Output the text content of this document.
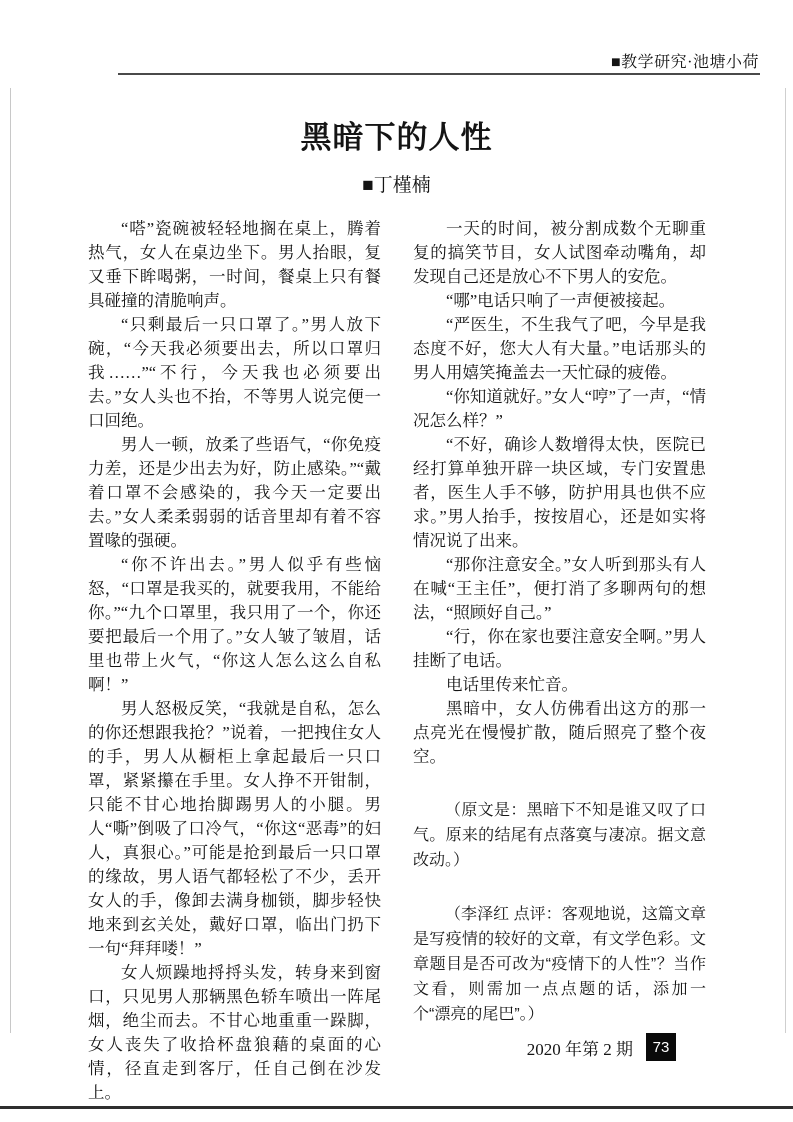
■教学研究·池塘小荷
黑暗下的人性
■丁槿楠

“嗒”瓷碗被轻轻地搁在桌上，腾着热气，女人在桌边坐下。男人抬眼，复又垂下眸喝粥，一时间，餐桌上只有餐具碰撞的清脆响声。

“只剩最后一只口罩了。”男人放下碗，“今天我必须要出去，所以口罩归我……”“不行，今天我也必须要出去。”女人头也不抬，不等男人说完便一口回绝。

男人一顿，放柔了些语气，“你免疫力差，还是少出去为好，防止感染。”“戴着口罩不会感染的，我今天一定要出去。”女人柔柔弱弱的话音里却有着不容置喙的强硬。

“你不许出去。”男人似乎有些恼怒，“口罩是我买的，就要我用，不能给你。”“九个口罩里，我只用了一个，你还要把最后一个用了。”女人皱了皱眉，话里也带上火气，“你这人怎么这么自私啊！”

男人怒极反笑，“我就是自私，怎么的你还想跟我抢？”说着，一把拽住女人的手，男人从橱柜上拿起最后一只口罩，紧紧攥在手里。女人挣不开钳制，只能不甘心地抬脚踢男人的小腿。男人“嘶”倒吸了口冷气，“你这“恶毒”的妇人，真狠心。”可能是抢到最后一只口罩的缘故，男人语气都轻松了不少，丢开女人的手，像卸去满身枷锁，脚步轻快地来到玄关处，戴好口罩，临出门扔下一句“拜拜喽！”

女人烦躁地捋捋头发，转身来到窗口，只见男人那辆黑色轿车喷出一阵尾烟，绝尘而去。不甘心地重重一跺脚，女人丧失了收拾杯盘狼藉的桌面的心情，径直走到客厅，任自己倒在沙发上。

一天的时间，被分割成数个无聊重复的搞笑节目，女人试图牵动嘴角，却发现自己还是放心不下男人的安危。

“哪”电话只响了一声便被接起。

“严医生，不生我气了吧，今早是我态度不好，您大人有大量。”电话那头的男人用嬉笑掩盖去一天忙碌的疲倦。

“你知道就好。”女人“哼”了一声，“情况怎么样？”

“不好，确诊人数增得太快，医院已经打算单独开辟一块区域，专门安置患者，医生人手不够，防护用具也供不应求。”男人抬手，按按眉心，还是如实将情况说了出来。

“那你注意安全。”女人听到那头有人在喊“王主任”，便打消了多聊两句的想法，“照顾好自己。”

“行，你在家也要注意安全啊。”男人挂断了电话。

电话里传来忙音。

黑暗中，女人仿佛看出这方的那一点亮光在慢慢扩散，随后照亮了整个夜空。

（原文是：黑暗下不知是谁又叹了口气。原来的结尾有点落寞与凄凉。据文意改动。）

（李泽红 点评：客观地说，这篇文章是写疫情的较好的文章，有文学色彩。文章题目是否可改为“疫情下的人性”？当作文看，则需加一点点题的话，添加一个“漂亮的尾巴”。）

2020 年第 2 期	73
